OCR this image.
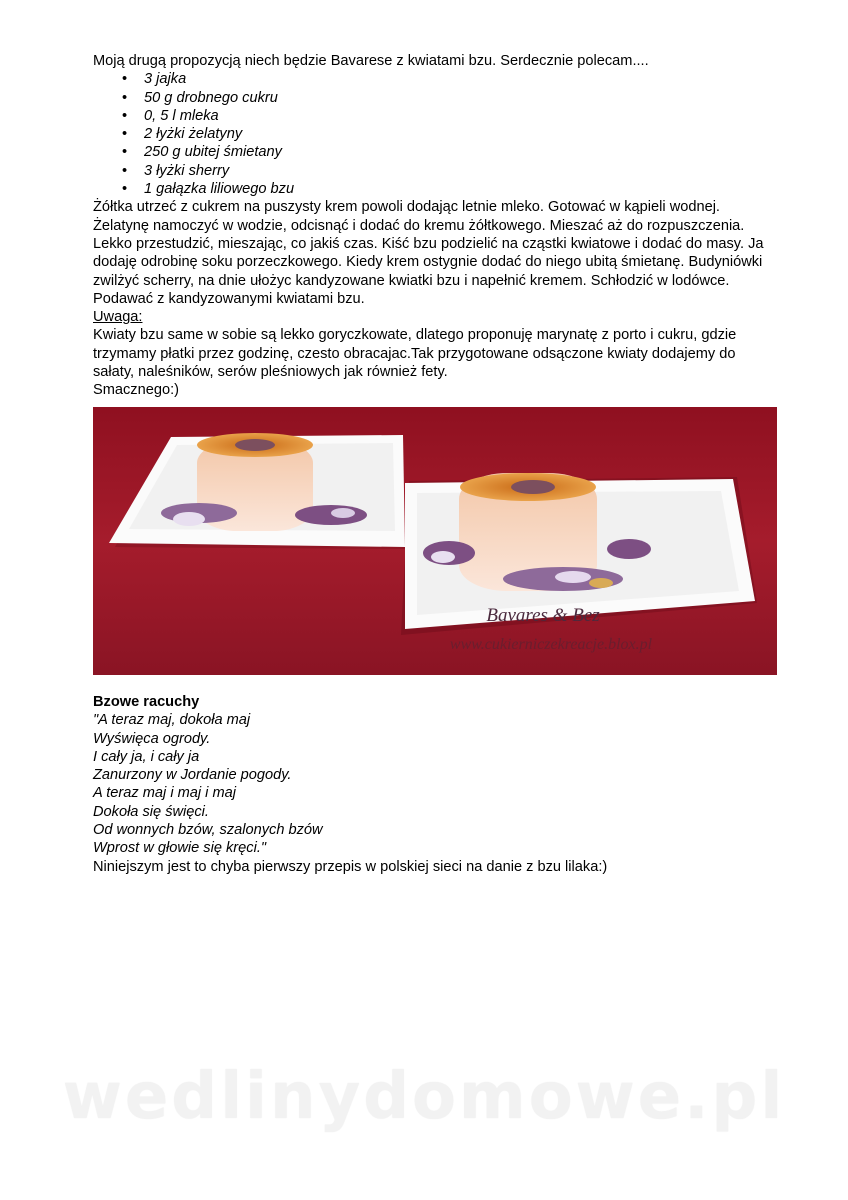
Moją drugą propozycją niech będzie Bavarese z kwiatami bzu. Serdecznie polecam....

• 3 jajka
• 50 g drobnego cukru
• 0, 5 l mleka
• 2 łyżki żelatyny
• 250 g ubitej śmietany
• 3 łyżki sherry
• 1 gałązka liliowego bzu

Żółtka utrzeć z cukrem na puszysty krem powoli dodając letnie mleko. Gotować w kąpieli wodnej.

Żelatynę namoczyć w wodzie, odcisnąć i dodać do kremu żółtkowego. Mieszać aż do rozpuszczenia.

Lekko przestudzić, mieszając, co jakiś czas. Kiść bzu podzielić na cząstki kwiatowe i dodać do masy. Ja

dodaję odrobinę soku porzeczkowego. Kiedy krem ostygnie dodać do niego ubitą śmietanę. Budyniówki

zwilżyć scherry, na dnie ułożyc kandyzowane kwiatki bzu i napełnić kremem. Schłodzić w lodówce.

Podawać z kandyzowanymi kwiatami bzu.

Uwaga:

Kwiaty bzu same w sobie są lekko goryczkowate, dlatego proponuję marynatę z porto i cukru, gdzie

trzymamy płatki przez godzinę, czesto obracajac.Tak przygotowane odsączone kwiaty dodajemy do

sałaty, naleśników, serów pleśniowych jak również fety.

Smacznego:)

Bavares & Bez
www.cukierniczekreacje.blox.pl

Bzowe racuchy

"A teraz maj, dokoła maj

Wyświęca ogrody.

I cały ja, i cały ja

Zanurzony w Jordanie pogody.

A teraz maj i maj i maj

Dokoła się święci.

Od wonnych bzów, szalonych bzów

Wprost w głowie się kręci."

Niniejszym jest to chyba pierwszy przepis w polskiej sieci na danie z bzu lilaka:)

wedlinydomowe.pl
